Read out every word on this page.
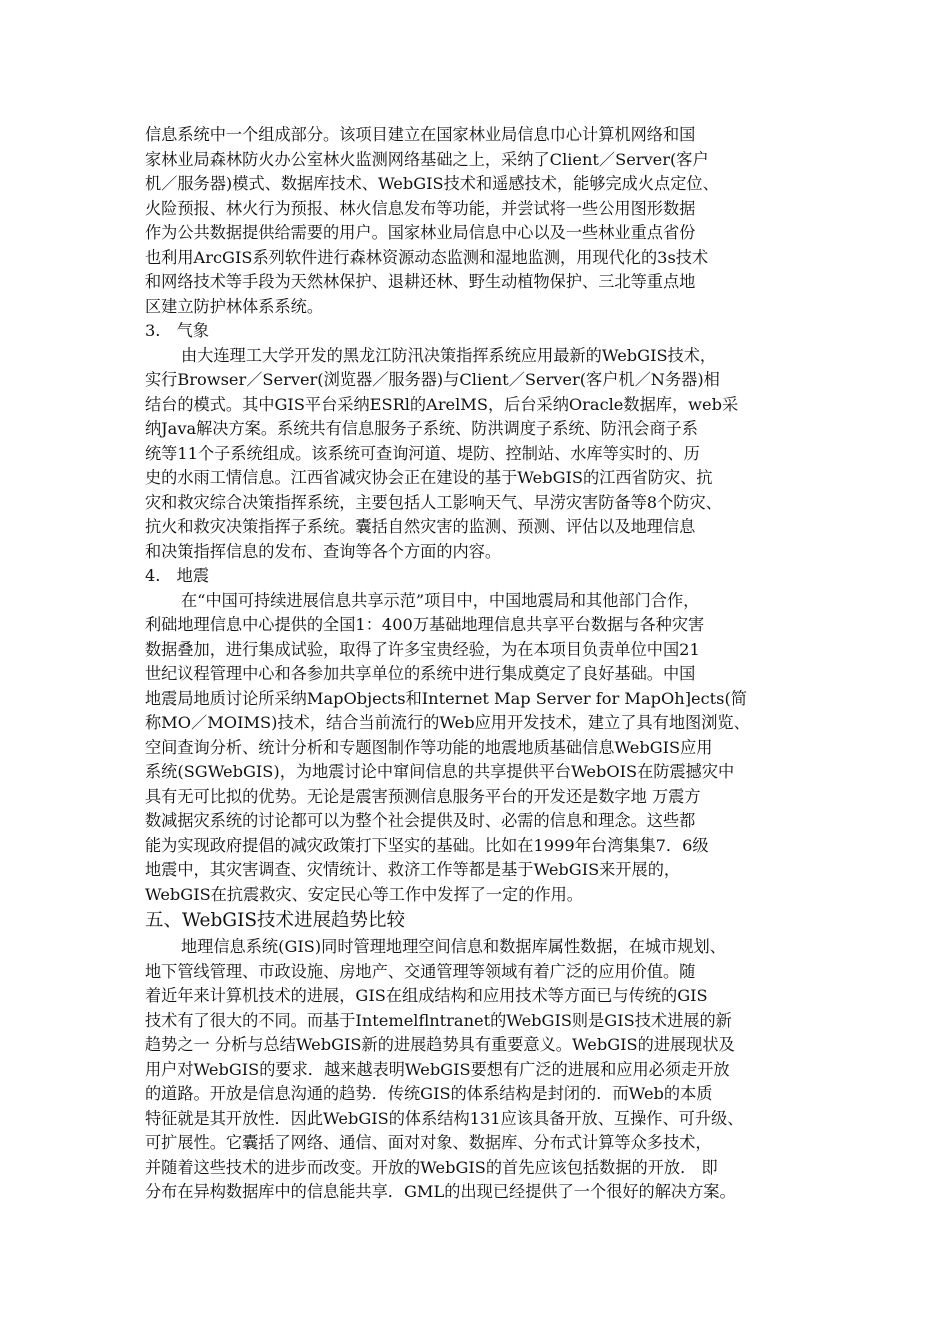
信息系统中一个组成部分。该项目建立在国家林业局信息巾心计算机网络和国
家林业局森林防火办公室林火监测网络基础之上，采纳了Client／Server(客户
机／服务器)模式、数据库技术、WebGIS技术和遥感技术，能够完成火点定位、
火险预报、林火行为预报、林火信息发布等功能，并尝试将一些公用图形数据
作为公共数据提供给需要的用户。国家林业局信息中心以及一些林业重点省份
也利用ArcGIS系列软件进行森林资源动态监测和湿地监测，用现代化的3s技术
和网络技术等手段为天然林保护、退耕还林、野生动植物保护、三北等重点地
区建立防护林体系系统。
3.　气象
由大连理工大学开发的黑龙江防汛决策指挥系统应用最新的WebGIS技术，
实行Browser／Server(浏览器／服务器)与Client／Server(客户机／N务器)相
结台的模式。其中GIS平台采纳ESRl的ArelMS，后台采纳Oracle数据库，web采
纳Java解决方案。系统共有信息服务子系统、防洪调度子系统、防汛会商子系
统等11个子系统组成。该系统可查询河道、堤防、控制站、水库等实时的、历
史的水雨工情信息。江西省减灾协会正在建设的基于WebGIS的江西省防灾、抗
灾和救灾综合决策指挥系统，主要包括人工影响天气、早涝灾害防备等8个防灾、
抗火和救灾决策指挥子系统。囊括自然灾害的监测、预测、评估以及地理信息
和决策指挥信息的发布、查询等各个方面的内容。
4.　地震
在“中国可持续进展信息共享示范”项目中，中国地震局和其他部门合作，
利础地理信息中心提供的全国1：400万基础地理信息共享平台数据与各种灾害
数据叠加，进行集成试验，取得了许多宝贵经验，为在本项目负责单位中国21
世纪议程管理中心和各参加共享单位的系统中进行集成奠定了良好基础。中国
地震局地质讨论所采纳MapObjects和Internet Map Server for MapOh]ects(简
称MO／MOIMS)技术，结合当前流行的Web应用开发技术，建立了具有地图浏览、
空间查询分析、统计分析和专题图制作等功能的地震地质基础信息WebGIS应用
系统(SGWebGIS)，为地震讨论中窜间信息的共享提供平台WebOIS在防震撼灾中
具有无可比拟的优势。无论是震害预测信息服务平台的开发还是数字地 万震方
数减据灾系统的讨论都可以为整个社会提供及时、必需的信息和理念。这些都
能为实现政府提倡的减灾政策打下坚实的基础。比如在1999年台湾集集7．6级
地震中，其灾害调查、灾情统计、救济工作等都是基于WebGIS来开展的，
WebGIS在抗震救灾、安定民心等工作中发挥了一定的作用。
五、WebGIS技术进展趋势比较
地理信息系统(GIS)同时管理地理空间信息和数据库属性数据，在城市规划、
地下管线管理、市政设施、房地产、交通管理等领域有着广泛的应用价值。随
着近年来计算机技术的进展，GIS在组成结构和应用技术等方面已与传统的GIS
技术有了很大的不同。而基于Intemelflntranet的WebGIS则是GIS技术进展的新
趋势之一 分析与总结WebGIS新的进展趋势具有重要意义。WebGIS的进展现状及
用户对WebGIS的要求．越来越表明WebGIS要想有广泛的进展和应用必须走开放
的道路。开放是信息沟通的趋势．传统GIS的体系结构是封闭的．而Web的本质
特征就是其开放性．因此WebGIS的体系结构131应该具备开放、互操作、可升级、
可扩展性。它囊括了网络、通信、面对对象、数据库、分布式计算等众多技术，
并随着这些技术的进步而改变。开放的WebGIS的首先应该包括数据的开放． 即
分布在异构数据库中的信息能共享．GML的出现已经提供了一个很好的解决方案。
